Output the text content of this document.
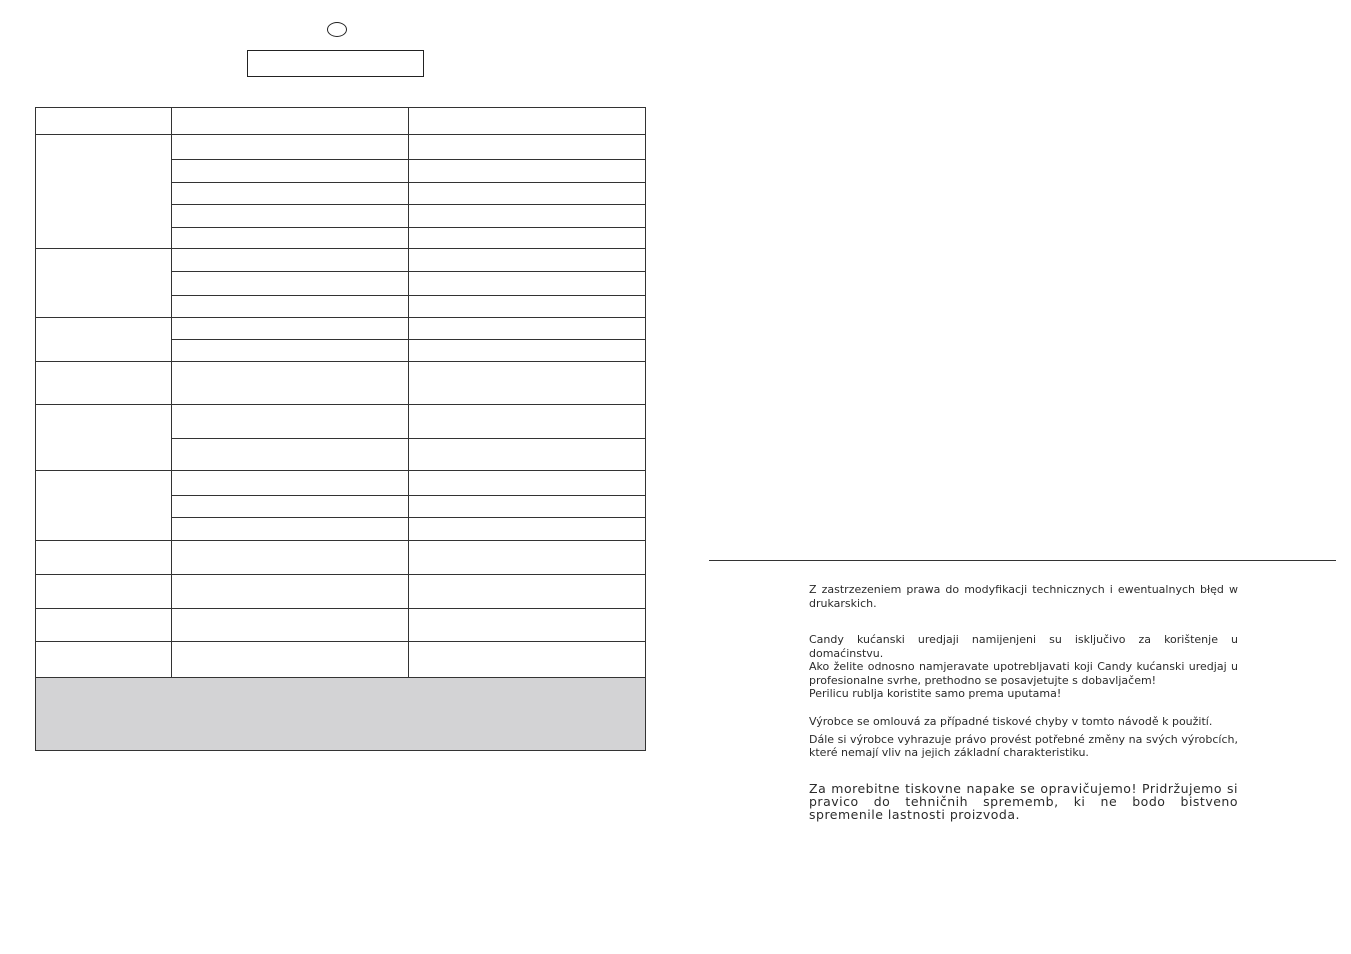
Z zastrzezeniem prawa do modyfikacji technicznych i ewentualnych błęd w drukarskich.

Candy kućanski uredjaji namijenjeni su isključivo za korištenje u domaćinstvu.
Ako želite odnosno namjeravate upotrebljavati koji Candy kućanski uredjaj u profesionalne svrhe, prethodno se posavjetujte s dobavljačem!
Perilicu rublja koristite samo prema uputama!
Výrobce se omlouvá za případné tiskové chyby v tomto návodě k použití.
Dále si výrobce vyhrazuje právo provést potřebné změny na svých výrobcích, které nemají vliv na jejich základní charakteristiku.

Za morebitne tiskovne napake se opravičujemo! Pridržujemo si pravico do tehničnih sprememb, ki ne bodo bistveno spremenile lastnosti proizvoda.
